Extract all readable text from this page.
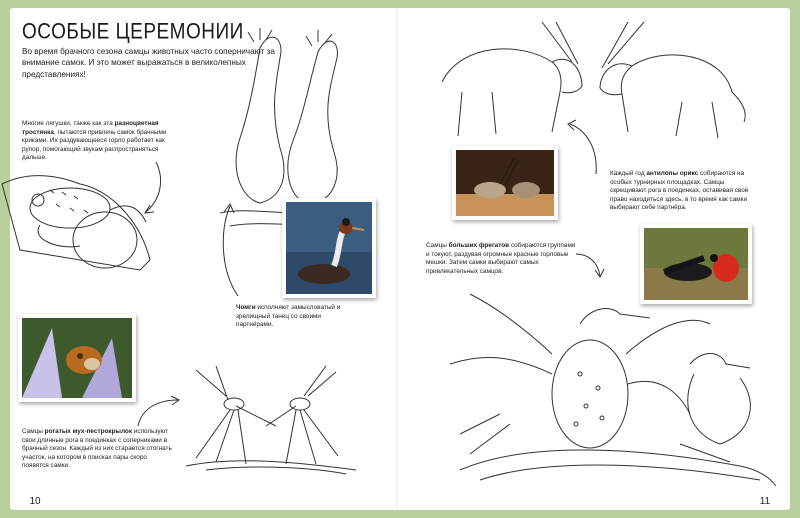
ОСОБЫЕ ЦЕРЕМОНИИ

Во время брачного сезона самцы животных часто соперничают за внимание самок. И это может выражаться в великолепных представлениях!

Многие лягушки, также как эта разноцветная тростянка, пытаются привлечь самок брачными криками. Их раздувающееся горло работает как рупор, помогающий звукам распространяться дальше.

Чомги исполняют замысловатый и зрелищный танец со своими партнёрами.

Самцы рогатых мух-пестрокрылок используют свои длинные рога в поединках с соперниками в брачный сезон. Каждый из них старается отогнать участок, на котором в поисках пары скоро появятся самки.

Каждый год антилопы орикс собираются на особых турнирных площадках. Самцы скрещивают рога в поединках, оставивая своё право находиться здесь, в то время как самки выбирают себе партнёра.

Самцы больших фрегатов собираются группами и токуют, раздувая огромные красные горловые мешки. Затем самки выбирают самых привлекательных самцов.

10	11
